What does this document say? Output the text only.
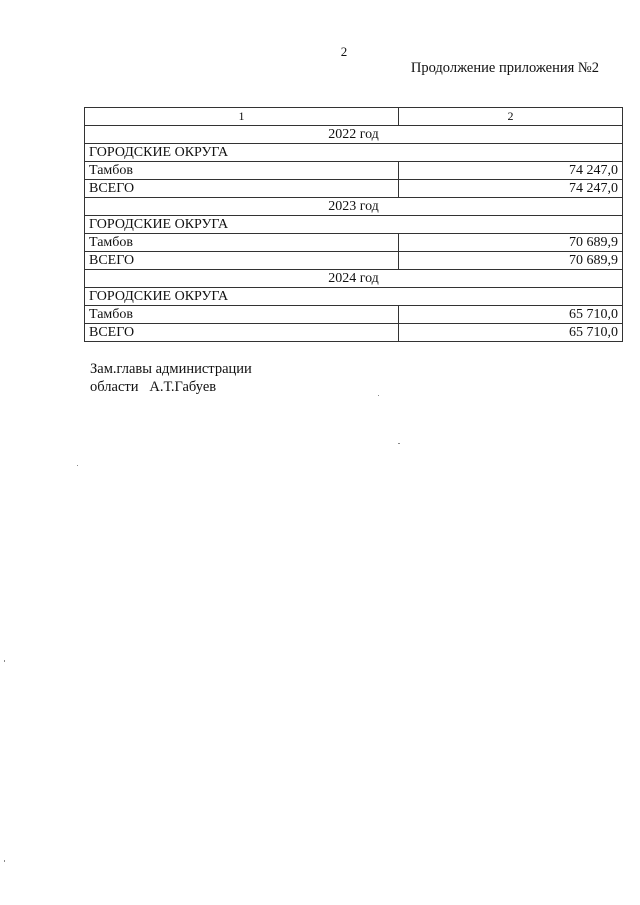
2
Продолжение приложения №2
1	2
2022 год	
ГОРОДСКИЕ ОКРУГА	
Тамбов	74 247,0
ВСЕГО	74 247,0
2023 год	
ГОРОДСКИЕ ОКРУГА	
Тамбов	70 689,9
ВСЕГО	70 689,9
2024 год	
ГОРОДСКИЕ ОКРУГА	
Тамбов	65 710,0
ВСЕГО	65 710,0
Зам.главы администрации
области   А.Т.Габуев
